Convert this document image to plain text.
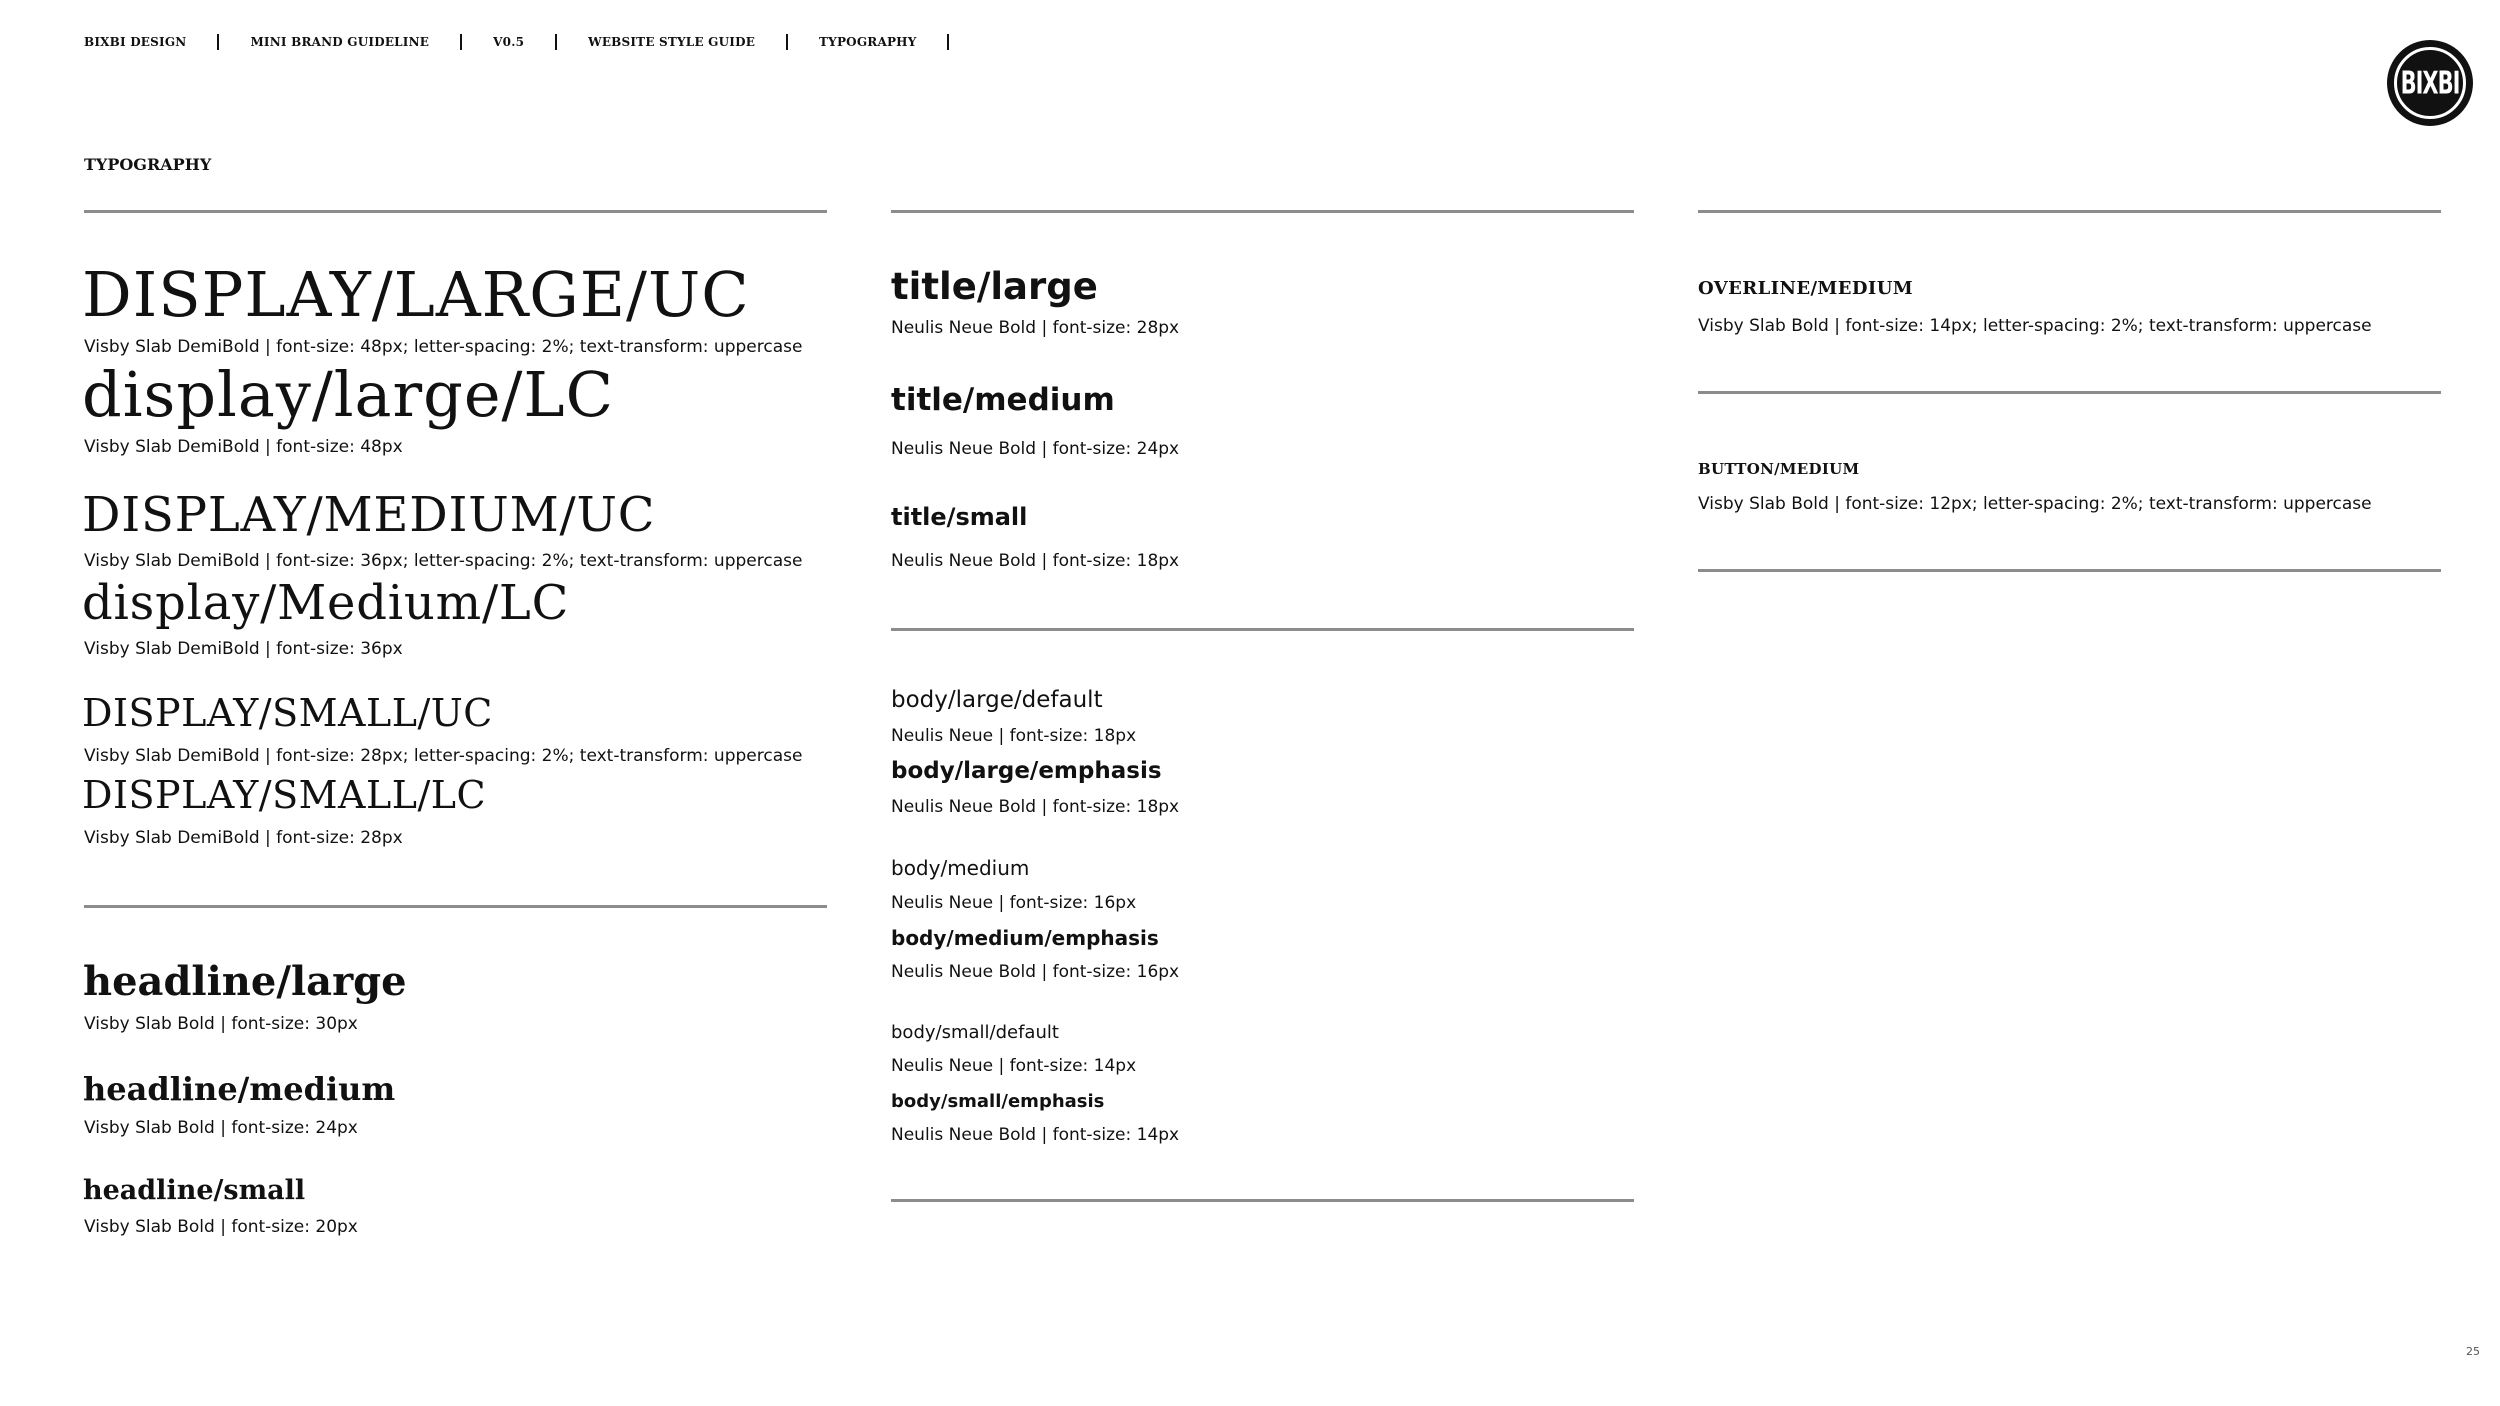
BIXBI DESIGN	MINI BRAND GUIDELINE	V0.5	WEBSITE STYLE GUIDE	TYPOGRAPHY
BIXBI
TYPOGRAPHY
DISPLAY/LARGE/UC
Visby Slab DemiBold | font-size: 48px; letter-spacing: 2%; text-transform: uppercase
display/large/LC
Visby Slab DemiBold | font-size: 48px
DISPLAY/MEDIUM/UC
Visby Slab DemiBold | font-size: 36px; letter-spacing: 2%; text-transform: uppercase
display/Medium/LC
Visby Slab DemiBold | font-size: 36px
DISPLAY/SMALL/UC
Visby Slab DemiBold | font-size: 28px; letter-spacing: 2%; text-transform: uppercase
DISPLAY/SMALL/LC
Visby Slab DemiBold | font-size: 28px
headline/large
Visby Slab Bold | font-size: 30px
headline/medium
Visby Slab Bold | font-size: 24px
headline/small
Visby Slab Bold | font-size: 20px
title/large
Neulis Neue Bold | font-size: 28px
title/medium
Neulis Neue Bold | font-size: 24px
title/small
Neulis Neue Bold | font-size: 18px
body/large/default
Neulis Neue | font-size: 18px
body/large/emphasis
Neulis Neue Bold | font-size: 18px
body/medium
Neulis Neue | font-size: 16px
body/medium/emphasis
Neulis Neue Bold | font-size: 16px
body/small/default
Neulis Neue | font-size: 14px
body/small/emphasis
Neulis Neue Bold | font-size: 14px
OVERLINE/MEDIUM
Visby Slab Bold | font-size: 14px; letter-spacing: 2%; text-transform: uppercase
BUTTON/MEDIUM
Visby Slab Bold | font-size: 12px; letter-spacing: 2%; text-transform: uppercase
25
